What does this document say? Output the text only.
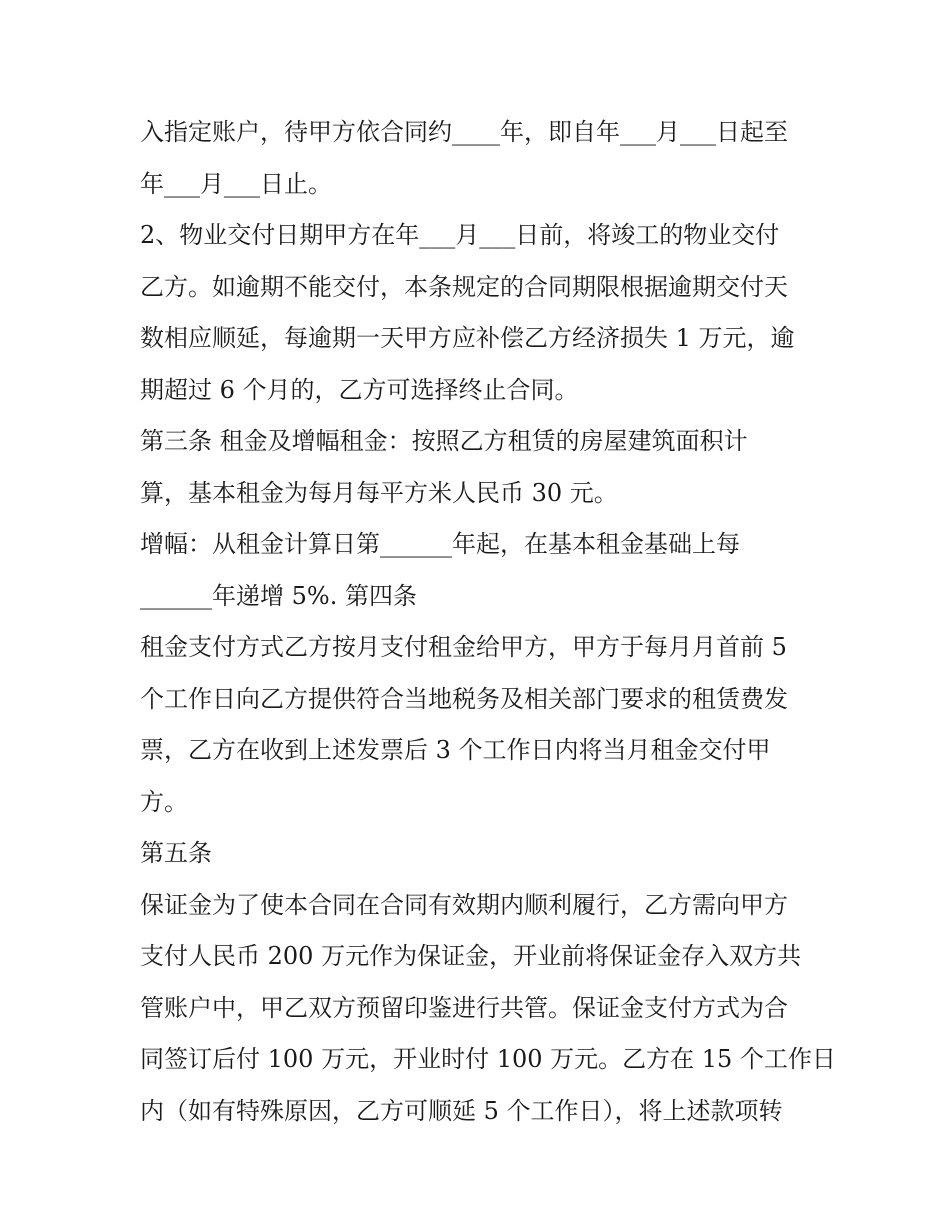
入指定账户，待甲方依合同约____年，即自年___月___日起至
年___月___日止。
2、物业交付日期甲方在年___月___日前，将竣工的物业交付
乙方。如逾期不能交付，本条规定的合同期限根据逾期交付天
数相应顺延，每逾期一天甲方应补偿乙方经济损失 1 万元，逾
期超过 6 个月的，乙方可选择终止合同。
第三条 租金及增幅租金：按照乙方租赁的房屋建筑面积计
算，基本租金为每月每平方米人民币 30 元。
增幅：从租金计算日第______年起，在基本租金基础上每
______年递增 5%. 第四条
租金支付方式乙方按月支付租金给甲方，甲方于每月月首前 5
个工作日向乙方提供符合当地税务及相关部门要求的租赁费发
票，乙方在收到上述发票后 3 个工作日内将当月租金交付甲
方。
第五条
保证金为了使本合同在合同有效期内顺利履行，乙方需向甲方
支付人民币 200 万元作为保证金，开业前将保证金存入双方共
管账户中，甲乙双方预留印鉴进行共管。保证金支付方式为合
同签订后付 100 万元，开业时付 100 万元。乙方在 15 个工作日
内（如有特殊原因，乙方可顺延 5 个工作日），将上述款项转
